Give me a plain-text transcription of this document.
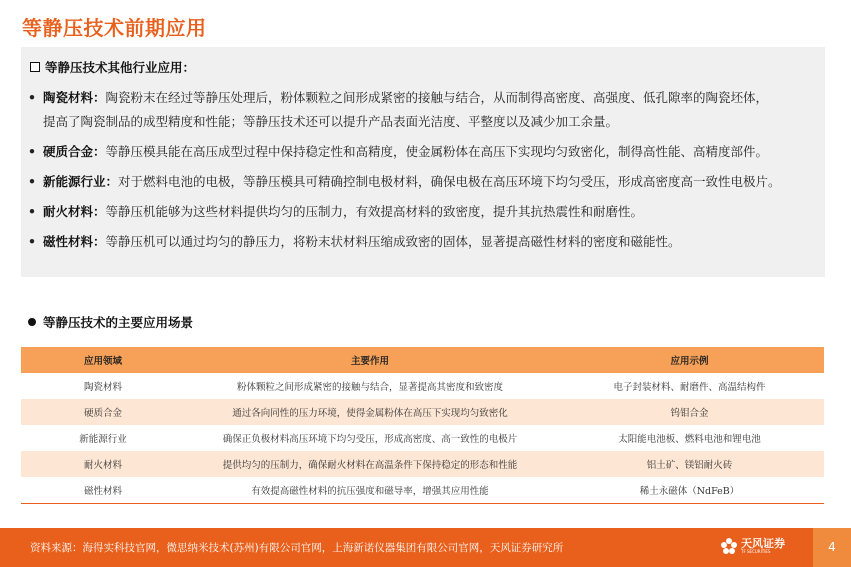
等静压技术前期应用
等静压技术其他行业应用：
• 陶瓷材料：陶瓷粉末在经过等静压处理后，粉体颗粒之间形成紧密的接触与结合，从而制得高密度、高强度、低孔隙率的陶瓷坯体，
提高了陶瓷制品的成型精度和性能；等静压技术还可以提升产品表面光洁度、平整度以及减少加工余量。
• 硬质合金：等静压模具能在高压成型过程中保持稳定性和高精度，使金属粉体在高压下实现均匀致密化，制得高性能、高精度部件。
• 新能源行业：对于燃料电池的电极，等静压模具可精确控制电极材料，确保电极在高压环境下均匀受压，形成高密度高一致性电极片。
• 耐火材料：等静压机能够为这些材料提供均匀的压制力，有效提高材料的致密度，提升其抗热震性和耐磨性。
• 磁性材料：等静压机可以通过均匀的静压力，将粉末状材料压缩成致密的固体，显著提高磁性材料的密度和磁能性。
等静压技术的主要应用场景
应用领域	主要作用	应用示例
陶瓷材料	粉体颗粒之间形成紧密的接触与结合，显著提高其密度和致密度	电子封装材料、耐磨件、高温结构件
硬质合金	通过各向同性的压力环境，使得金属粉体在高压下实现均匀致密化	钨钼合金
新能源行业	确保正负极材料高压环境下均匀受压，形成高密度、高一致性的电极片	太阳能电池板、燃料电池和锂电池
耐火材料	提供均匀的压制力，确保耐火材料在高温条件下保持稳定的形态和性能	铝土矿、镁铝耐火砖
磁性材料	有效提高磁性材料的抗压强度和磁导率，增强其应用性能	稀土永磁体（NdFeB）
资料来源：海得实科技官网，微思纳米技术(苏州)有限公司官网，上海新诺仪器集团有限公司官网，天风证券研究所	天风证券
TF SECURITIES	4
